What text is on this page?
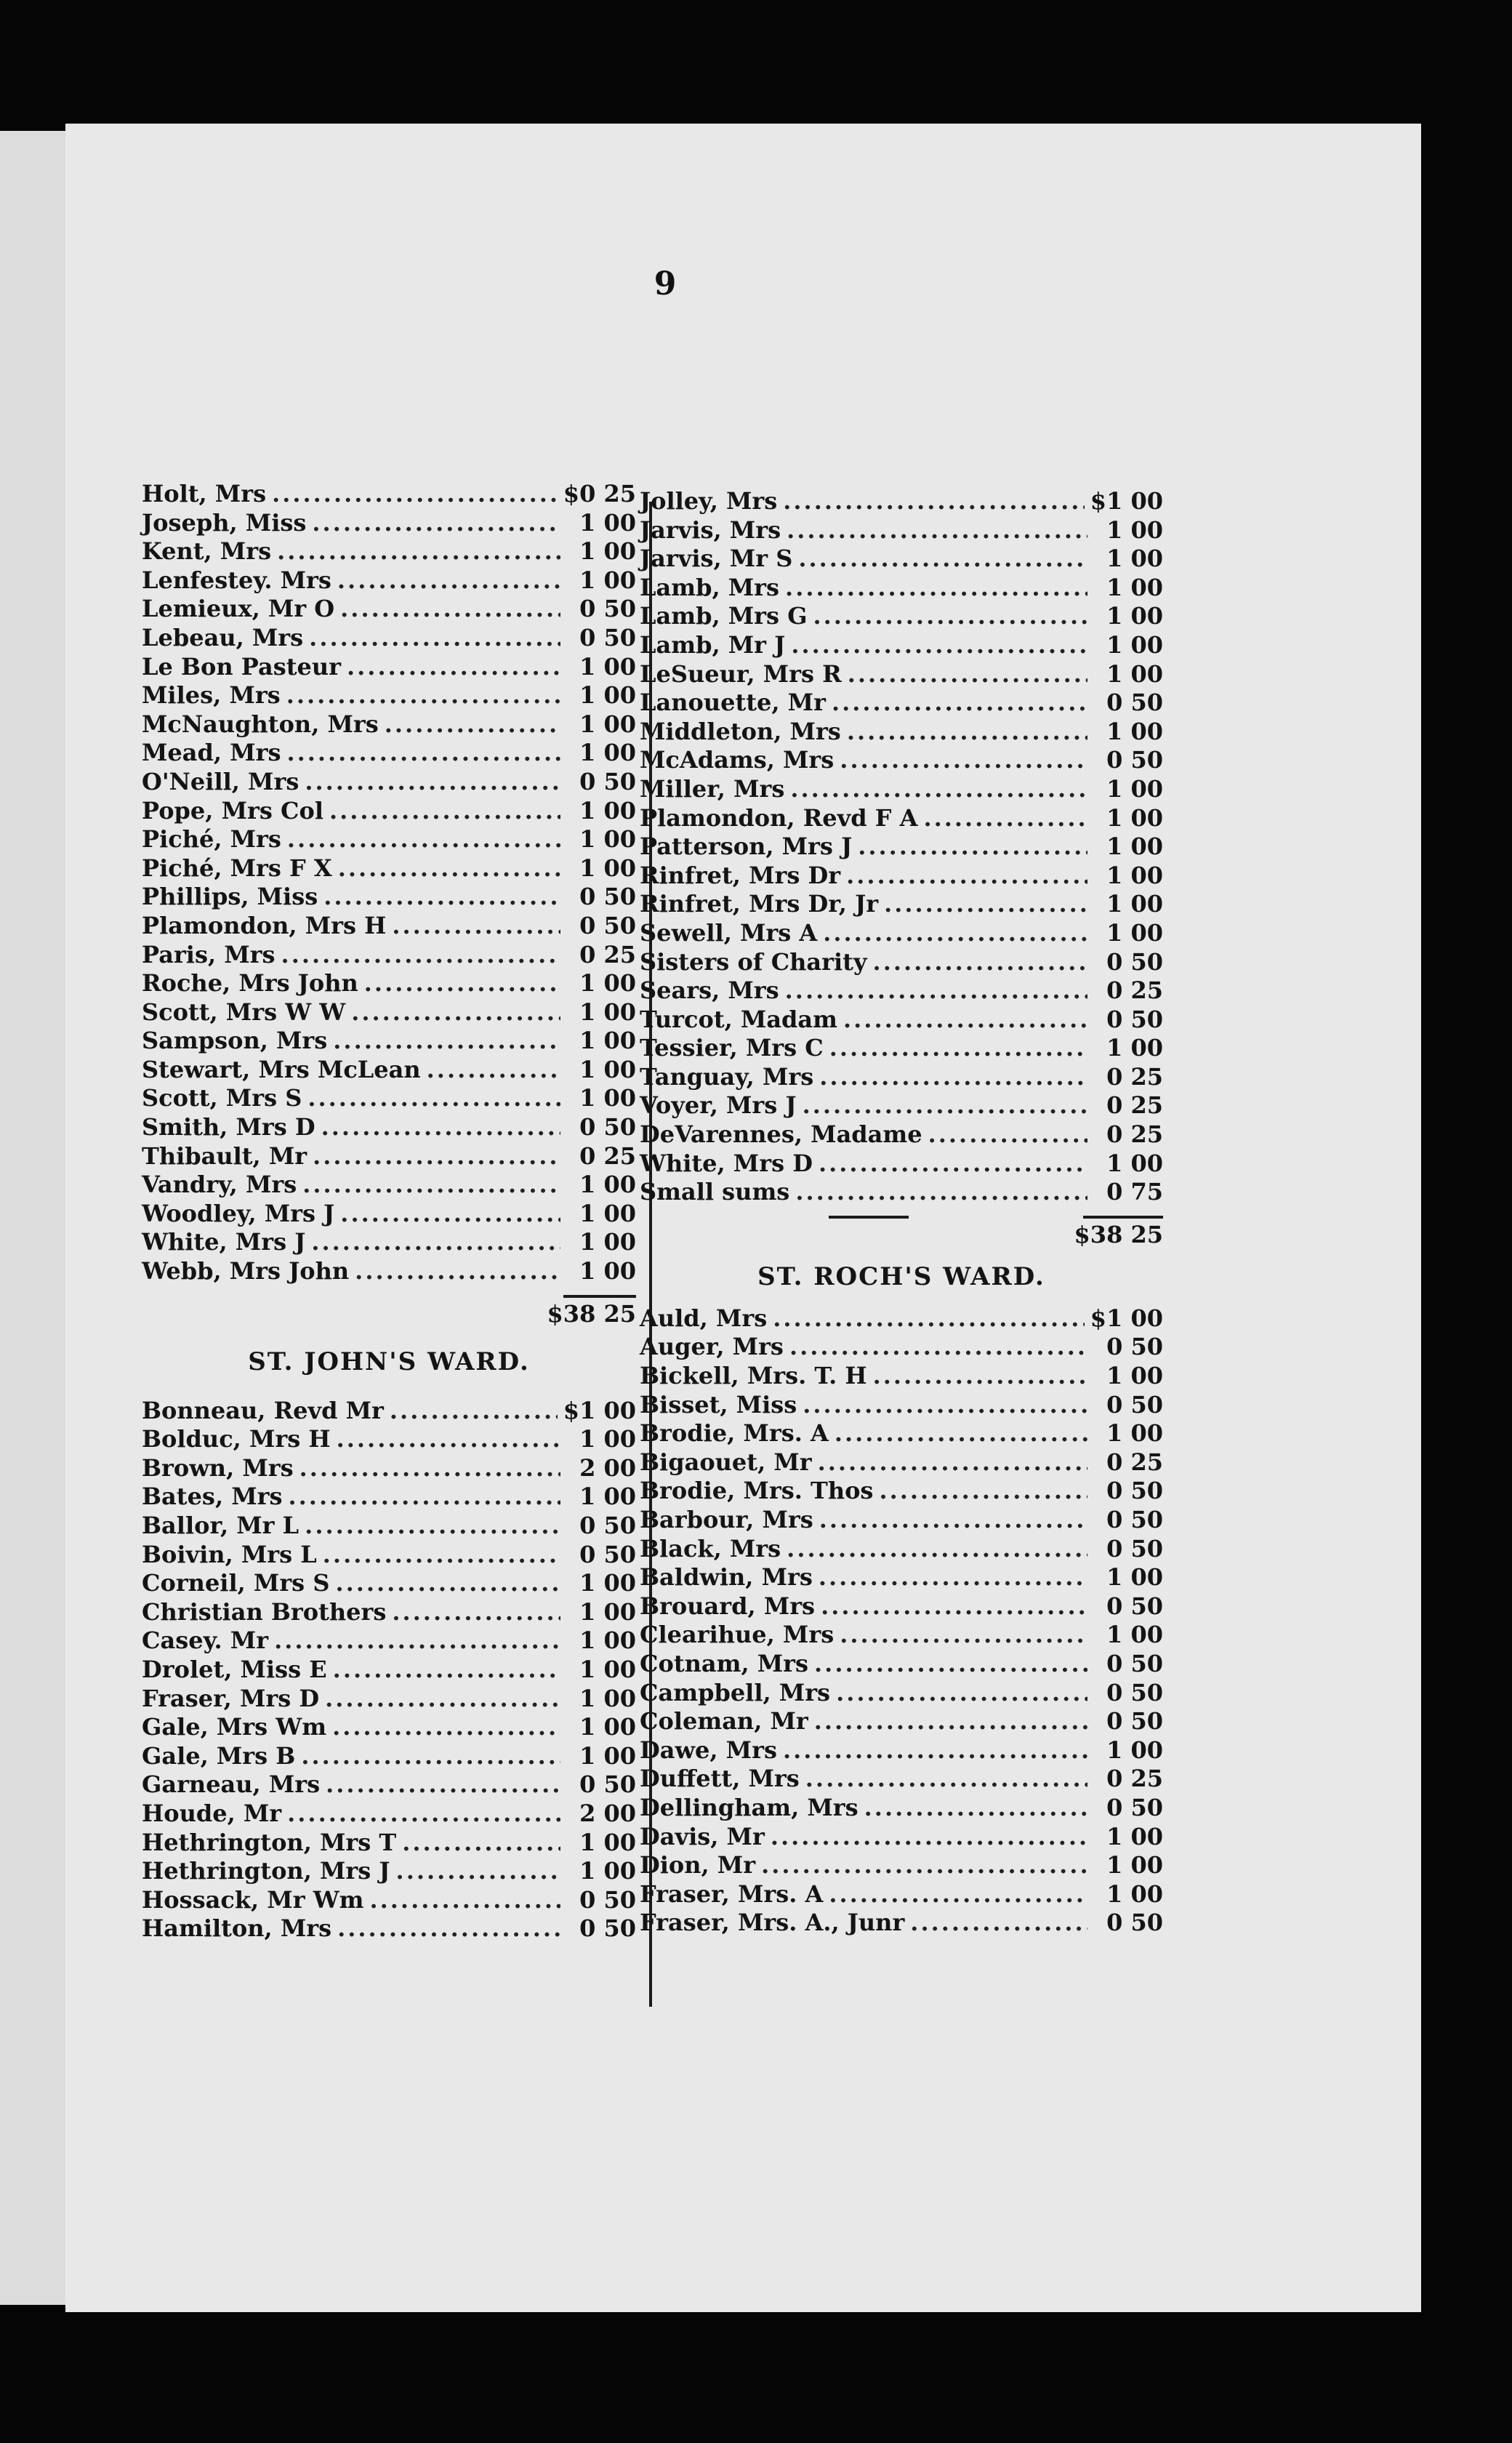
9
Holt, Mrs .....	$0 25
Joseph, Miss .....	1 00
Kent, Mrs .....	1 00
Lenfestey. Mrs .....	1 00
Lemieux, Mr O .....	0 50
Lebeau, Mrs .....	0 50
Le Bon Pasteur .....	1 00
Miles, Mrs .....	1 00
McNaughton, Mrs .....	1 00
Mead, Mrs .....	1 00
O'Neill, Mrs .....	0 50
Pope, Mrs Col .....	1 00
Piché, Mrs .....	1 00
Piché, Mrs F X .....	1 00
Phillips, Miss .....	0 50
Plamondon, Mrs H .....	0 50
Paris, Mrs .....	0 25
Roche, Mrs John .....	1 00
Scott, Mrs W W .....	1 00
Sampson, Mrs .....	1 00
Stewart, Mrs McLean .....	1 00
Scott, Mrs S .....	1 00
Smith, Mrs D .....	0 50
Thibault, Mr .....	0 25
Vandry, Mrs .....	1 00
Woodley, Mrs J .....	1 00
White, Mrs J .....	1 00
Webb, Mrs John .....	1 00
$38 25
ST. JOHN'S WARD.
Bonneau, Revd Mr .....	$1 00
Bolduc, Mrs H .....	1 00
Brown, Mrs .....	2 00
Bates, Mrs .....	1 00
Ballor, Mr L .....	0 50
Boivin, Mrs L .....	0 50
Corneil, Mrs S .....	1 00
Christian Brothers .....	1 00
Casey. Mr .....	1 00
Drolet, Miss E .....	1 00
Fraser, Mrs D .....	1 00
Gale, Mrs Wm .....	1 00
Gale, Mrs B .....	1 00
Garneau, Mrs .....	0 50
Houde, Mr .....	2 00
Hethrington, Mrs T .....	1 00
Hethrington, Mrs J .....	1 00
Hossack, Mr Wm .....	0 50
Hamilton, Mrs .....	0 50
Jolley, Mrs .....	$1 00
Jarvis, Mrs .....	1 00
Jarvis, Mr S .....	1 00
Lamb, Mrs .....	1 00
Lamb, Mrs G .....	1 00
Lamb, Mr J .....	1 00
LeSueur, Mrs R .....	1 00
Lanouette, Mr .....	0 50
Middleton, Mrs .....	1 00
McAdams, Mrs .....	0 50
Miller, Mrs .....	1 00
Plamondon, Revd F A .....	1 00
Patterson, Mrs J .....	1 00
Rinfret, Mrs Dr .....	1 00
Rinfret, Mrs Dr, Jr .....	1 00
Sewell, Mrs A .....	1 00
Sisters of Charity .....	0 50
Sears, Mrs .....	0 25
Turcot, Madam .....	0 50
Tessier, Mrs C .....	1 00
Tanguay, Mrs .....	0 25
Voyer, Mrs J .....	0 25
DeVarennes, Madame .....	0 25
White, Mrs D .....	1 00
Small sums .....	0 75
$38 25
ST. ROCH'S WARD.
Auld, Mrs .....	$1 00
Auger, Mrs .....	0 50
Bickell, Mrs. T. H .....	1 00
Bisset, Miss .....	0 50
Brodie, Mrs. A .....	1 00
Bigaouet, Mr .....	0 25
Brodie, Mrs. Thos .....	0 50
Barbour, Mrs .....	0 50
Black, Mrs .....	0 50
Baldwin, Mrs .....	1 00
Brouard, Mrs .....	0 50
Clearihue, Mrs .....	1 00
Cotnam, Mrs .....	0 50
Campbell, Mrs .....	0 50
Coleman, Mr .....	0 50
Dawe, Mrs .....	1 00
Duffett, Mrs .....	0 25
Dellingham, Mrs .....	0 50
Davis, Mr .....	1 00
Dion, Mr .....	1 00
Fraser, Mrs. A .....	1 00
Fraser, Mrs. A., Junr .....	0 50
